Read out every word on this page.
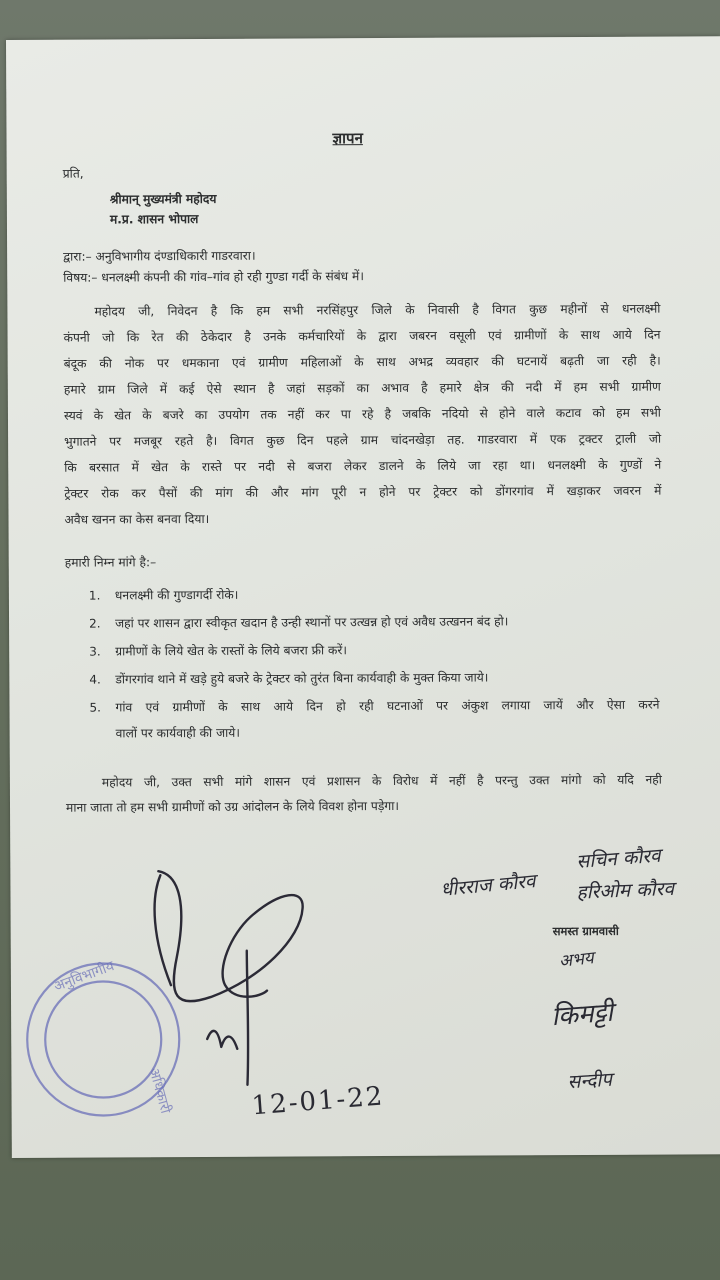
ज्ञापन
प्रति,
श्रीमान् मुख्यमंत्री महोदय
म.प्र. शासन भोपाल
द्वारा:– अनुविभागीय दंण्डाधिकारी गाडरवारा।
विषय:– धनलक्ष्मी कंपनी की गांव–गांव हो रही गुण्डा गर्दी के संबंध में।
महोदय जी, निवेदन है कि हम सभी नरसिंहपुर जिले के निवासी है विगत कुछ महीनों से धनलक्ष्मी
कंपनी जो कि रेत की ठेकेदार है उनके कर्मचारियों के द्वारा जबरन वसूली एवं ग्रामीणों के साथ आये दिन
बंदूक की नोक पर धमकाना एवं ग्रामीण महिलाओं के साथ अभद्र व्यवहार की घटनायें बढ़ती जा रही है।
हमारे ग्राम जिले में कई ऐसे स्थान है जहां सड़कों का अभाव है हमारे क्षेत्र की नदी में हम सभी ग्रामीण
स्यवं के खेत के बजरे का उपयोग तक नहीं कर पा रहे है जबकि नदियो से होने वाले कटाव को हम सभी
भुगातने पर मजबूर रहते है। विगत कुछ दिन पहले ग्राम चांदनखेड़ा तह. गाडरवारा में एक ट्रक्टर ट्राली जो
कि बरसात में खेत के रास्ते पर नदी से बजरा लेकर डालने के लिये जा रहा था। धनलक्ष्मी के गुण्डों ने
ट्रेक्टर रोक कर पैसों की मांग की और मांग पूरी न होने पर ट्रेक्टर को डोंगरगांव में खड़ाकर जवरन में
अवैध खनन का केस बनवा दिया।
हमारी निम्न मांगे है:–
1. धनलक्ष्मी की गुण्डागर्दी रोके।
2. जहां पर शासन द्वारा स्वीकृत खदान है उन्ही स्थानों पर उत्खन्न हो एवं अवैध उत्खनन बंद हो।
3. ग्रामीणों के लिये खेत के रास्तों के लिये बजरा फ्री करें।
4. डोंगरगांव थाने में खड़े हुये बजरे के ट्रेक्टर को तुरंत बिना कार्यवाही के मुक्त किया जाये।
5. गांव एवं ग्रामीणों के साथ आये दिन हो रही घटनाओं पर अंकुश लगाया जायें और ऐसा करने
वालों पर कार्यवाही की जाये।
महोदय जी, उक्त सभी मांगे शासन एवं प्रशासन के विरोध में नहीं है परन्तु उक्त मांगो को यदि नही
माना जाता तो हम सभी ग्रामीणों को उग्र आंदोलन के लिये विवश होना पड़ेगा।
समस्त ग्रामवासी
सचिन कौरव
धीरराज कौरव हरिओम कौरव
अभय
किमट्टी
सन्दीप
12-01-22
अनुविभागीय
अधिकारी
